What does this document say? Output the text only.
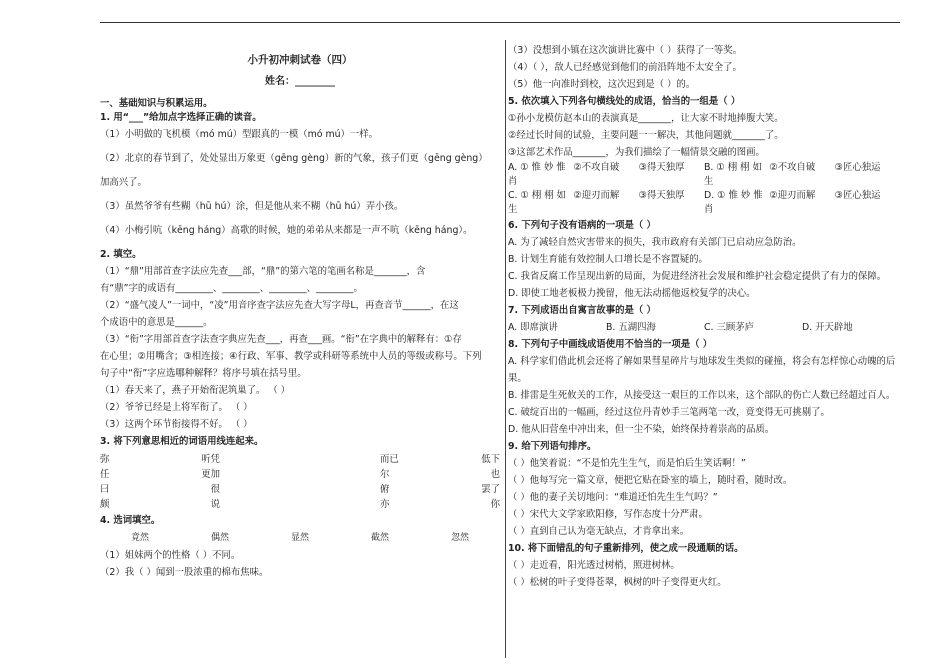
小升初冲刺试卷（四）
姓名：________
一、基础知识与积累运用。

1. 用“___”给加点字选择正确的读音。

（1）小明做的飞机模（mó mú）型跟真的一模（mó mú）一样。

（2）北京的春节到了，处处显出万象更（gēng gèng）新的气象，孩子们更（gēng gèng）

加高兴了。

（3）虽然爷爷有些糊（hū hú）涂，但是他从来不糊（hū hú）弄小孩。

（4）小梅引吭（kēng háng）高歌的时候，她的弟弟从来都是一声不吭（kēng háng）。

2. 填空。

（1）“鼎”用部首查字法应先查___部，“鼎”的第六笔的笔画名称是_______，含

有“鼎”字的成语有________、________、________、________。

（2）“盛气凌人”一词中，“凌”用音序查字法应先查大写字母L，再查音节______，在这

个成语中的意思是______。

（3）“衔”字用部首查字法查字典应先查___，再查___画。“衔”在字典中的解释有：①存

在心里；②用嘴含；③相连接；④行政、军事、教学或科研等系统中人员的等级或称号。下列

句子中“衔”字应选哪种解释？将序号填在括号里。

（1）春天来了，燕子开始衔泥筑巢了。 （ ）

（2）爷爷已经是上将军衔了。 （ ）

（3）这两个环节衔接得不好。 （ ）

3. 将下列意思相近的词语用线连起来。

弥	听凭	而已	低下
任	更加	尔	也
曰	很	俯	罢了
颇	说	亦	你

4. 选词填空。

竟然	偶然	显然	截然	忽然

（1）姐妹两个的性格（ ）不同。

（2）我（ ）闻到一股浓重的棉布焦味。

（3）没想到小镇在这次演讲比赛中（ ）获得了一等奖。

（4）（ ），敌人已经感觉到他们的前沿阵地不太安全了。

（5）他一向准时到校，这次迟到是（ ）的。

5. 依次填入下列各句横线处的成语，恰当的一组是（ ）

①孙小龙模仿赵本山的表演真是_______，让大家不时地捧腹大笑。

②经过长时间的试验，主要问题一一解决，其他问题就_______了。

③这部艺术作品_______，为我们描绘了一幅情景交融的图画。

A. ① 惟 妙 惟 ②不攻自破	③得天独厚	B. ① 栩 栩 如 ②不攻自破	③匠心独运
肖	生
C. ① 栩 栩 如 ②迎刃而解	③得天独厚	D. ① 惟 妙 惟 ②迎刃而解	③匠心独运
生	肖

6. 下列句子没有语病的一项是（ ）

A. 为了减轻自然灾害带来的损失，我市政府有关部门已启动应急防治。

B. 计划生育能有效控制人口增长是不容置疑的。

C. 我省反腐工作呈现出新的局面，为促进经济社会发展和维护社会稳定提供了有力的保障。

D. 即使工地老板极力挽留，他无法动摇他返校复学的决心。

7. 下列成语出自寓言故事的是（ ）

A. 即席演讲	B. 五湖四海	C. 三顾茅庐	D. 开天辟地

8. 下列句子中画线成语使用不恰当的一项是（ ）

A. 科学家们借此机会还将了解如果彗星碎片与地球发生类似的碰撞，将会有怎样惊心动魄的后

果。

B. 排雷是生死攸关的工作，从接受这一艰巨的工作以来，这个部队的伤亡人数已经超过百人。

C. 破绽百出的一幅画，经过这位丹青妙手三笔两笔一改，竟变得无可挑剔了。

D. 他从旧营垒中冲出来，但一尘不染，始终保持着崇高的品质。

9. 给下列语句排序。

（ ）他笑着说：“不是怕先生生气，而是怕后生笑话啊！”

（ ）他每写完一篇文章，便把它贴在卧室的墙上，随时看，随时改。

（ ）他的妻子关切地问：“难道还怕先生生气吗？”

（ ）宋代大文学家欧阳修，写作态度十分严肃。

（ ）直到自己认为毫无缺点，才肯拿出来。

10. 将下面错乱的句子重新排列，使之成一段通顺的话。

（ ）走近看，阳光透过树梢，照进树林。

（ ）松树的叶子变得苍翠，枫树的叶子变得更火红。
